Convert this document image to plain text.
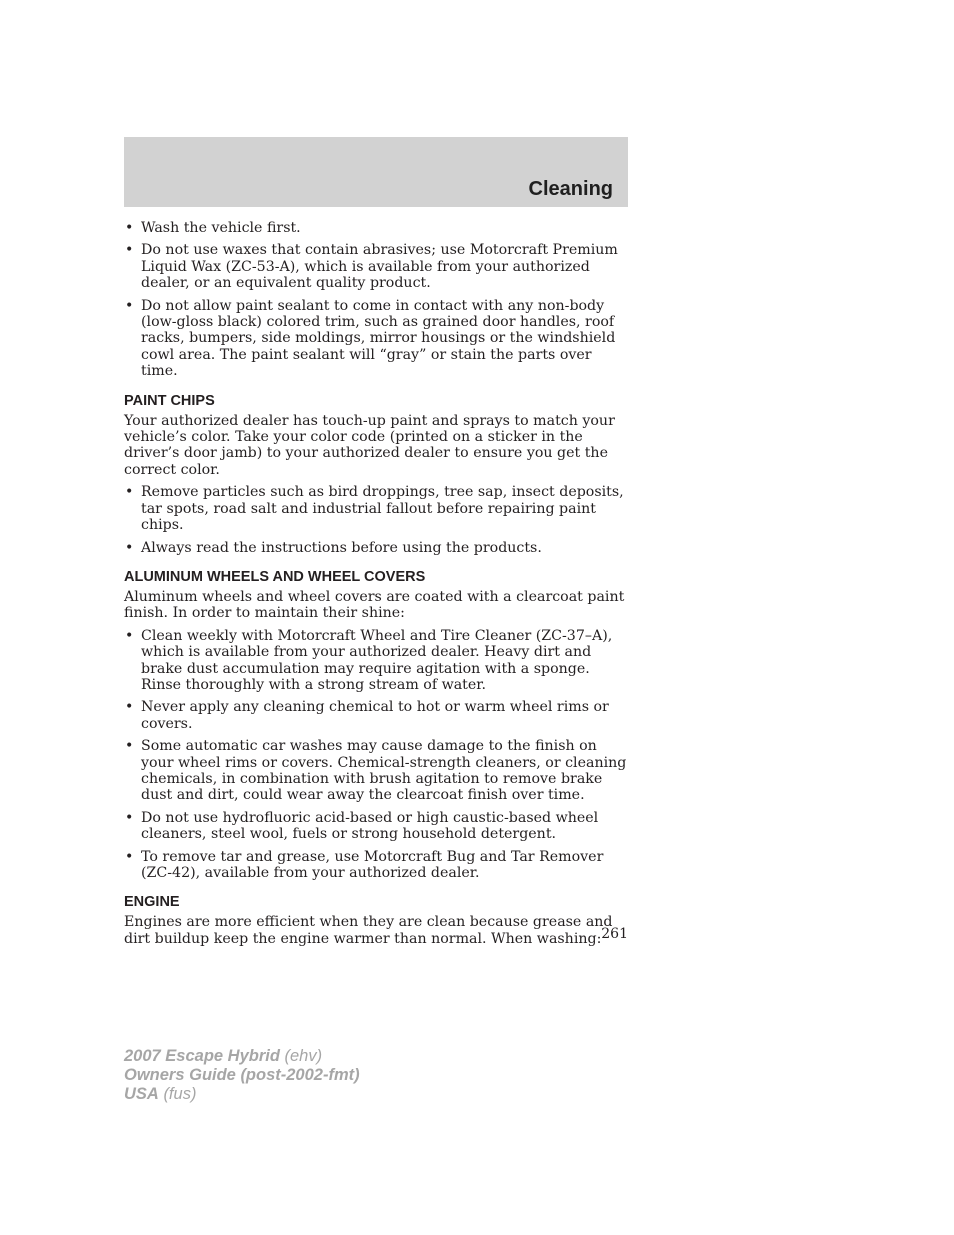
Cleaning
• Wash the vehicle first.
• Do not use waxes that contain abrasives; use Motorcraft Premium Liquid Wax (ZC-53-A), which is available from your authorized dealer, or an equivalent quality product.
• Do not allow paint sealant to come in contact with any non-body (low-gloss black) colored trim, such as grained door handles, roof racks, bumpers, side moldings, mirror housings or the windshield cowl area. The paint sealant will “gray” or stain the parts over time.
PAINT CHIPS

Your authorized dealer has touch-up paint and sprays to match your vehicle’s color. Take your color code (printed on a sticker in the driver’s door jamb) to your authorized dealer to ensure you get the correct color.

• Remove particles such as bird droppings, tree sap, insect deposits, tar spots, road salt and industrial fallout before repairing paint chips.
• Always read the instructions before using the products.
ALUMINUM WHEELS AND WHEEL COVERS

Aluminum wheels and wheel covers are coated with a clearcoat paint finish. In order to maintain their shine:

• Clean weekly with Motorcraft Wheel and Tire Cleaner (ZC-37–A), which is available from your authorized dealer. Heavy dirt and brake dust accumulation may require agitation with a sponge. Rinse thoroughly with a strong stream of water.
• Never apply any cleaning chemical to hot or warm wheel rims or covers.
• Some automatic car washes may cause damage to the finish on your wheel rims or covers. Chemical-strength cleaners, or cleaning chemicals, in combination with brush agitation to remove brake dust and dirt, could wear away the clearcoat finish over time.
• Do not use hydrofluoric acid-based or high caustic-based wheel cleaners, steel wool, fuels or strong household detergent.
• To remove tar and grease, use Motorcraft Bug and Tar Remover (ZC-42), available from your authorized dealer.
ENGINE

Engines are more efficient when they are clean because grease and dirt buildup keep the engine warmer than normal. When washing: 261
2007 Escape Hybrid (ehv)
Owners Guide (post-2002-fmt)
USA (fus)
